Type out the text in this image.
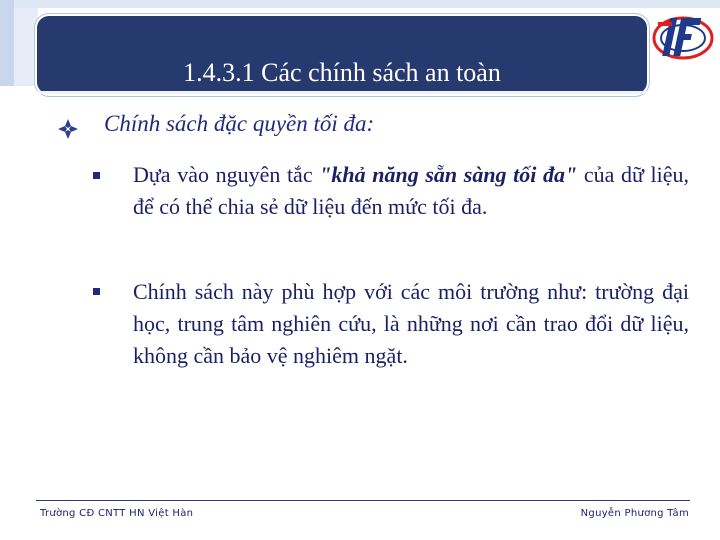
1.4.3.1 Các chính sách an toàn
Chính sách đặc quyền tối đa:

Dựa vào nguyên tắc "khả năng sẵn sàng tối đa" của dữ liệu, để có thể chia sẻ dữ liệu đến mức tối đa.

Chính sách này phù hợp với các môi trường như: trường đại học, trung tâm nghiên cứu, là những nơi cần trao đổi dữ liệu, không cần bảo vệ nghiêm ngặt.

Trường CĐ CNTT HN Việt Hàn	Nguyễn Phương Tâm
